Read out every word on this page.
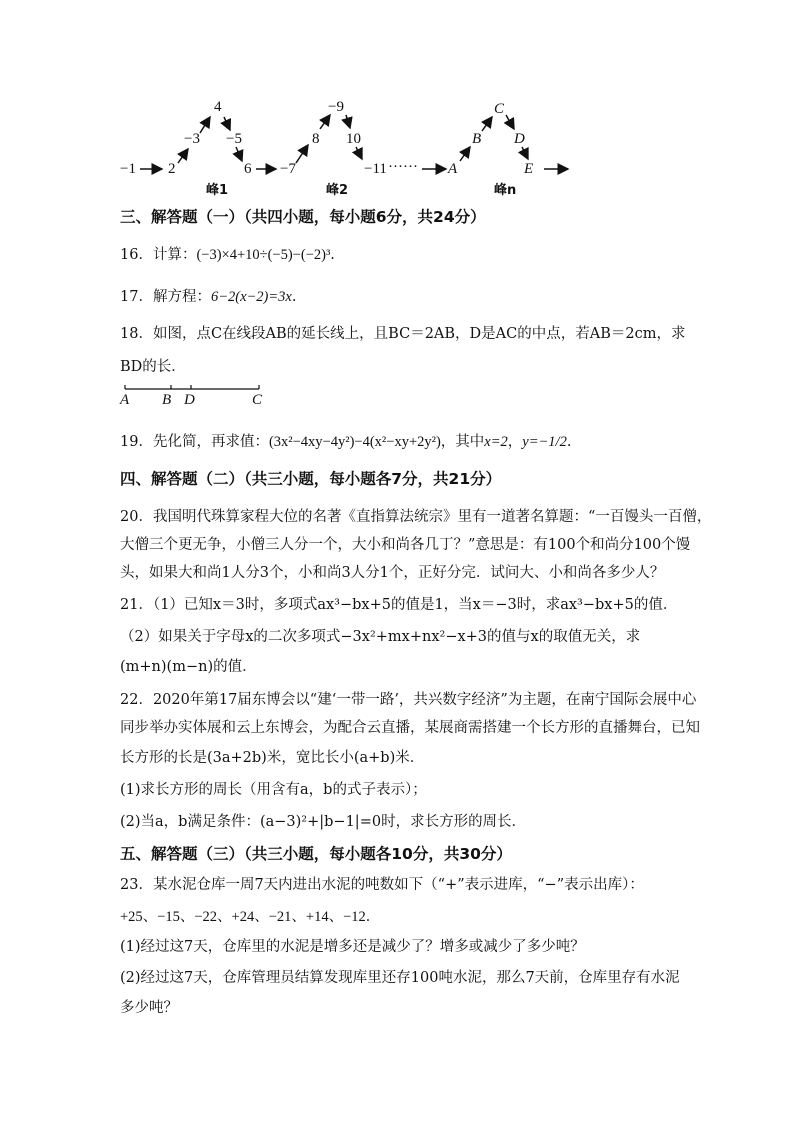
−1 2
−3
4
−5
6 −7
8
−9
10
−11 ······ A
B
C
D
E
峰1	峰2	峰n
三、解答题（一）（共四小题，每小题6分，共24分）
16．计算：(−3)×4+10÷(−5)−(−2)³.
17．解方程：6−2(x−2)=3x.
18．如图，点C在线段AB的延长线上，且BC＝2AB，D是AC的中点，若AB＝2cm，求
BD的长．
A B D	C
19．先化简，再求值：(3x²−4xy−4y²)−4(x²−xy+2y²)，其中x=2，y=−1/2.
四、解答题（二）（共三小题，每小题各7分，共21分）
20．我国明代珠算家程大位的名著《直指算法统宗》里有一道著名算题：“一百馒头一百僧，
大僧三个更无争，小僧三人分一个，大小和尚各几丁？”意思是：有100个和尚分100个馒
头，如果大和尚1人分3个，小和尚3人分1个，正好分完．试问大、小和尚各多少人？
21．（1）已知x＝3时，多项式ax³−bx+5的值是1，当x＝−3时，求ax³−bx+5的值．
（2）如果关于字母x的二次多项式−3x²+mx+nx²−x+3的值与x的取值无关，求
(m+n)(m−n)的值．
22．2020年第17届东博会以“建‘一带一路’，共兴数字经济”为主题，在南宁国际会展中心
同步举办实体展和云上东博会，为配合云直播，某展商需搭建一个长方形的直播舞台，已知
长方形的长是(3a+2b)米，宽比长小(a+b)米．
(1)求长方形的周长（用含有a，b的式子表示）；
(2)当a，b满足条件：(a−3)²+|b−1|=0时，求长方形的周长．
五、解答题（三）（共三小题，每小题各10分，共30分）
23．某水泥仓库一周7天内进出水泥的吨数如下（“+”表示进库，“−”表示出库）：
+25、−15、−22、+24、−21、+14、−12．
(1)经过这7天，仓库里的水泥是增多还是减少了？增多或减少了多少吨？
(2)经过这7天，仓库管理员结算发现库里还存100吨水泥，那么7天前，仓库里存有水泥
多少吨？
